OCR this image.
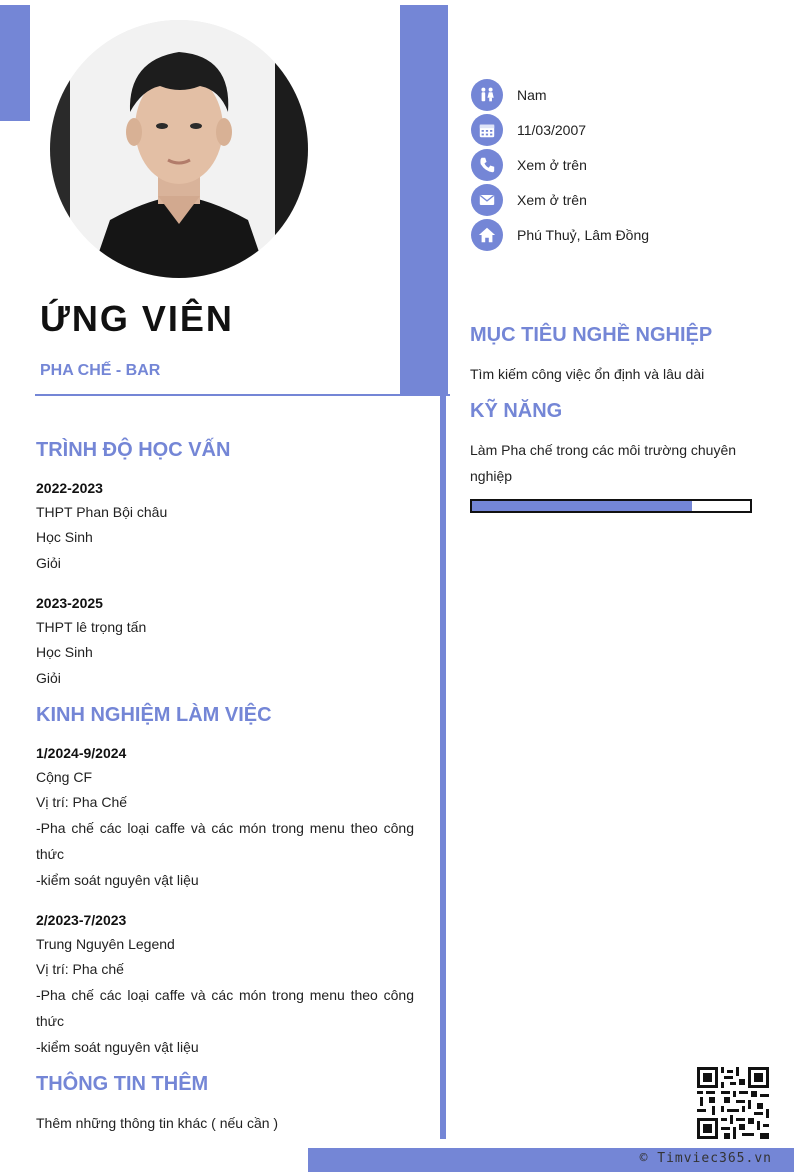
ỨNG VIÊN
PHA CHẾ - BAR
Nam
11/03/2007
Xem ở trên
Xem ở trên
Phú Thuỷ, Lâm Đồng
MỤC TIÊU NGHỀ NGHIỆP
Tìm kiếm công việc ổn định và lâu dài
KỸ NĂNG
Làm Pha chế trong các môi trường chuyên nghiệp
TRÌNH ĐỘ HỌC VẤN
2022-2023
THPT Phan Bội châu
Học Sinh
Giỏi
2023-2025
THPT lê trọng tấn
Học Sinh
Giỏi
KINH NGHIỆM LÀM VIỆC
1/2024-9/2024
Cộng CF
Vị trí: Pha Chế
-Pha chế các loại caffe và các món trong menu theo công thức
-kiểm soát nguyên vật liệu
2/2023-7/2023
Trung Nguyên Legend
Vị trí: Pha chế
-Pha chế các loại caffe và các món trong menu theo công thức
-kiểm soát nguyên vật liệu
THÔNG TIN THÊM
Thêm những thông tin khác ( nếu cần )
© Timviec365.vn
